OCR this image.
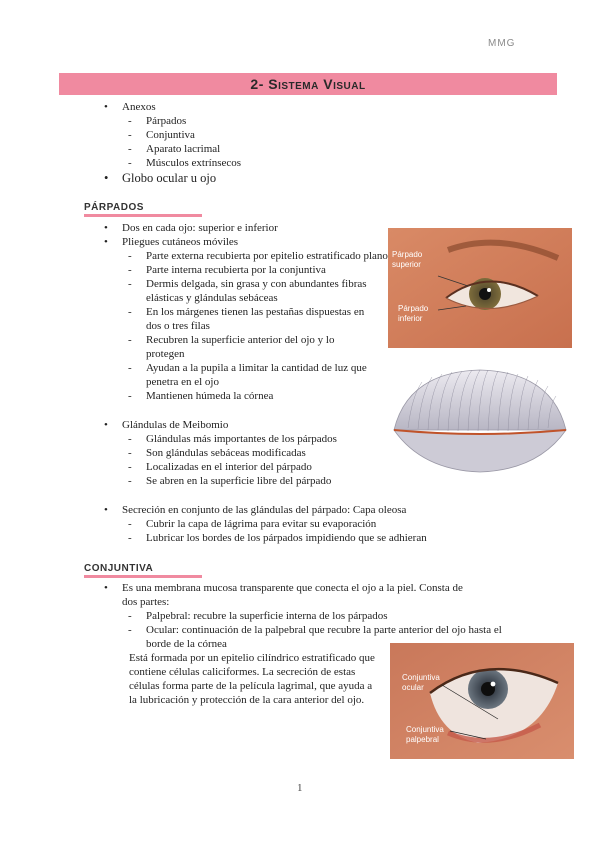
MMG
2- Sistema Visual
• Anexos
- Párpados
- Conjuntiva
- Aparato lacrimal
- Músculos extrínsecos
• Globo ocular u ojo
PÁRPADOS
• Dos en cada ojo: superior e inferior
• Pliegues cutáneos móviles
- Parte externa recubierta por epitelio estratificado plano
- Parte interna recubierta por la conjuntiva
- Dermis delgada, sin grasa y con abundantes fibras elásticas y glándulas sebáceas
- En los márgenes tienen las pestañas dispuestas en dos o tres filas
- Recubren la superficie anterior del ojo y lo protegen
- Ayudan a la pupila a limitar la cantidad de luz que penetra en el ojo
- Mantienen húmeda la córnea
• Glándulas de Meibomio
- Glándulas más importantes de los párpados
- Son glándulas sebáceas modificadas
- Localizadas en el interior del párpado
- Se abren en la superficie libre del párpado
• Secreción en conjunto de las glándulas del párpado: Capa oleosa
- Cubrir la capa de lágrima para evitar su evaporación
- Lubricar los bordes de los párpados impidiendo que se adhieran
Párpado superior
Párpado inferior
CONJUNTIVA
• Es una membrana mucosa transparente que conecta el ojo a la piel. Consta de dos partes:
- Palpebral: recubre la superficie interna de los párpados
- Ocular: continuación de la palpebral que recubre la parte anterior del ojo hasta el borde de la córnea

Está formada por un epitelio cilíndrico estratificado que contiene células caliciformes. La secreción de estas células forma parte de la película lagrimal, que ayuda a la lubricación y protección de la cara anterior del ojo.

Conjuntiva ocular
Conjuntiva palpebral
1
